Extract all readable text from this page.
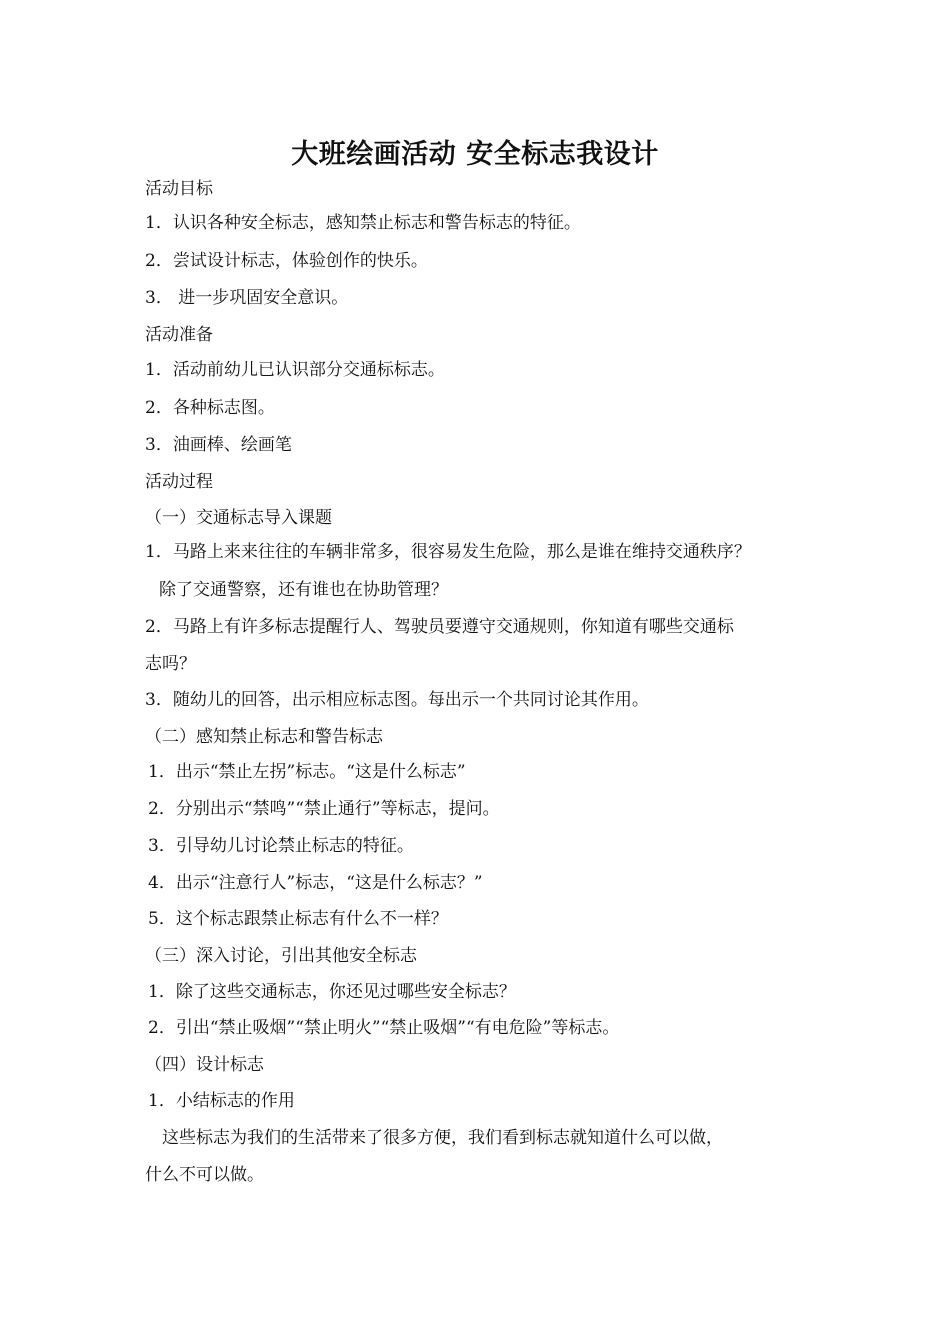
大班绘画活动 安全标志我设计
活动目标
1．认识各种安全标志，感知禁止标志和警告标志的特征。
2．尝试设计标志，体验创作的快乐。
3． 进一步巩固安全意识。
活动准备
1．活动前幼儿已认识部分交通标标志。
2．各种标志图。
3．油画棒、绘画笔
活动过程
（一）交通标志导入课题
1．马路上来来往往的车辆非常多，很容易发生危险，那么是谁在维持交通秩序？
除了交通警察，还有谁也在协助管理？
2．马路上有许多标志提醒行人、驾驶员要遵守交通规则，你知道有哪些交通标
志吗？
3．随幼儿的回答，出示相应标志图。每出示一个共同讨论其作用。
（二）感知禁止标志和警告标志
1．出示“禁止左拐”标志。“这是什么标志”
2．分别出示“禁鸣”“禁止通行”等标志，提问。
3．引导幼儿讨论禁止标志的特征。
4．出示“注意行人”标志，“这是什么标志？”
5．这个标志跟禁止标志有什么不一样？
（三）深入讨论，引出其他安全标志
1．除了这些交通标志，你还见过哪些安全标志？
2．引出“禁止吸烟”“禁止明火”“禁止吸烟”“有电危险”等标志。
（四）设计标志
1．小结标志的作用
这些标志为我们的生活带来了很多方便，我们看到标志就知道什么可以做，
什么不可以做。
